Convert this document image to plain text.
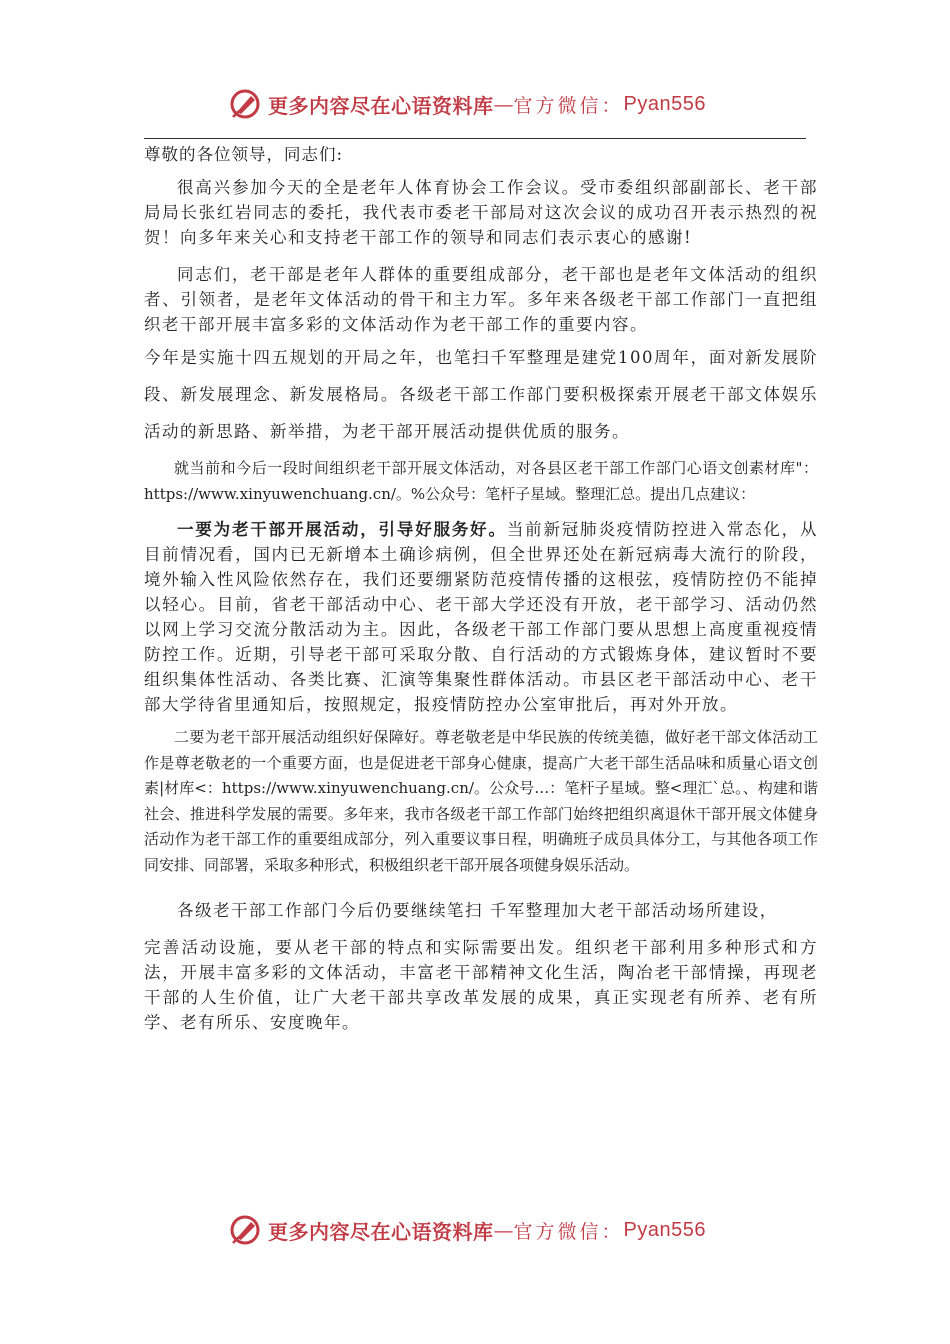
更多内容尽在心语资料库 — 官方微信： Pyan556

尊敬的各位领导，同志们:

很高兴参加今天的全是老年人体育协会工作会议。受市委组织部副部长、老干部局局长张红岩同志的委托，我代表市委老干部局对这次会议的成功召开表示热烈的祝贺！向多年来关心和支持老干部工作的领导和同志们表示衷心的感谢!

同志们，老干部是老年人群体的重要组成部分，老干部也是老年文体活动的组织者、引领者，是老年文体活动的骨干和主力军。多年来各级老干部工作部门一直把组织老干部开展丰富多彩的文体活动作为老干部工作的重要内容。

今年是实施十四五规划的开局之年，也笔扫千军整理是建党100周年，面对新发展阶段、新发展理念、新发展格局。各级老干部工作部门要积极探索开展老干部文体娱乐活动的新思路、新举措，为老干部开展活动提供优质的服务。

就当前和今后一段时间组织老干部开展文体活动，对各县区老干部工作部门心语文创素材库"：https://www.xinyuwenchuang.cn/。%公众号：笔杆子星域。整理汇总。提出几点建议：

一要为老干部开展活动，引导好服务好。当前新冠肺炎疫情防控进入常态化，从目前情况看，国内已无新增本土确诊病例，但全世界还处在新冠病毒大流行的阶段，境外输入性风险依然存在，我们还要绷紧防范疫情传播的这根弦，疫情防控仍不能掉以轻心。目前，省老干部活动中心、老干部大学还没有开放，老干部学习、活动仍然以网上学习交流分散活动为主。因此，各级老干部工作部门要从思想上高度重视疫情防控工作。近期，引导老干部可采取分散、自行活动的方式锻炼身体，建议暂时不要组织集体性活动、各类比赛、汇演等集聚性群体活动。市县区老干部活动中心、老干部大学待省里通知后，按照规定，报疫情防控办公室审批后，再对外开放。

二要为老干部开展活动组织好保障好。尊老敬老是中华民族的传统美德，做好老干部文体活动工作是尊老敬老的一个重要方面，也是促进老干部身心健康，提高广大老干部生活品味和质量心语文创素|材库<：https://www.xinyuwenchuang.cn/。公众号…：笔杆子星域。整<理汇`总。、构建和谐社会、推进科学发展的需要。多年来，我市各级老干部工作部门始终把组织离退休干部开展文体健身活动作为老干部工作的重要组成部分，列入重要议事日程，明确班子成员具体分工，与其他各项工作同安排、同部署，采取多种形式，积极组织老干部开展各项健身娱乐活动。

各级老干部工作部门今后仍要继续笔扫 千军整理加大老干部活动场所建设，

完善活动设施，要从老干部的特点和实际需要出发。组织老干部利用多种形式和方法，开展丰富多彩的文体活动，丰富老干部精神文化生活，陶冶老干部情操，再现老干部的人生价值，让广大老干部共享改革发展的成果，真正实现老有所养、老有所学、老有所乐、安度晚年。

更多内容尽在心语资料库 — 官方微信： Pyan556
